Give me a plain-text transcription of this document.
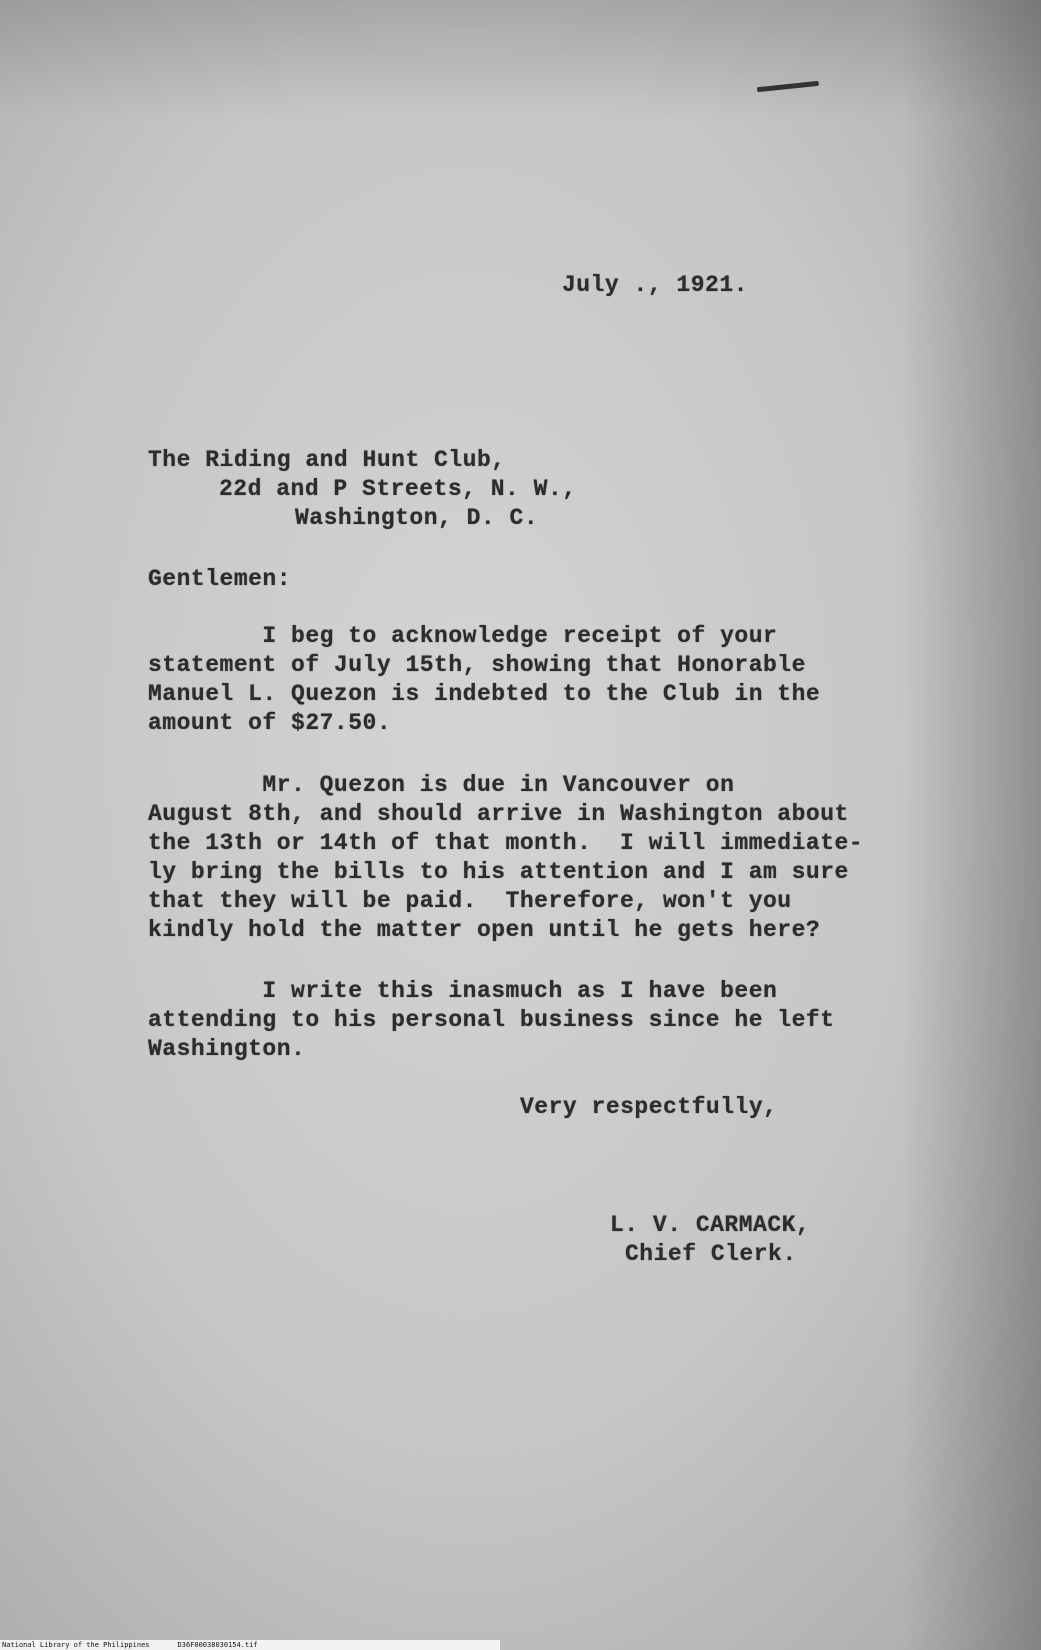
July ., 1921.
The Riding and Hunt Club,
22d and P Streets, N. W.,
Washington, D. C.
Gentlemen:
I beg to acknowledge receipt of your
statement of July 15th, showing that Honorable
Manuel L. Quezon is indebted to the Club in the
amount of $27.50.
Mr. Quezon is due in Vancouver on
August 8th, and should arrive in Washington about
the 13th or 14th of that month.  I will immediate-
ly bring the bills to his attention and I am sure
that they will be paid.  Therefore, won't you
kindly hold the matter open until he gets here?
I write this inasmuch as I have been
attending to his personal business since he left
Washington.
Very respectfully,
L. V. CARMACK,
Chief Clerk.
National Library of the Philippines	D36F00038030154.tif
